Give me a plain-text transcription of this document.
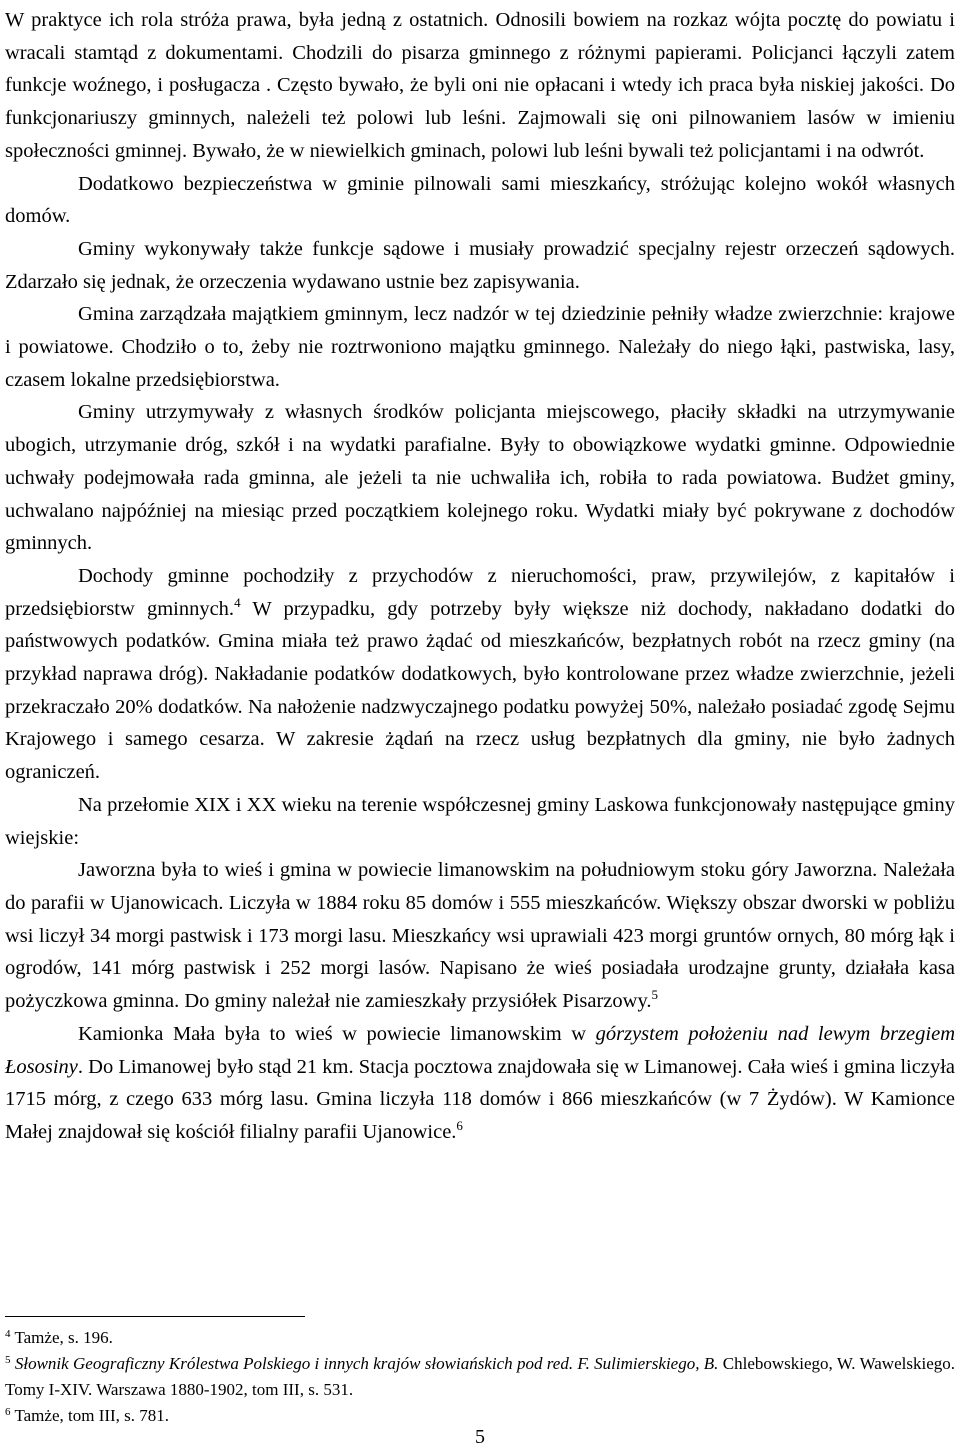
W praktyce ich rola stróża prawa, była jedną z ostatnich. Odnosili bowiem na rozkaz wójta pocztę do powiatu i wracali stamtąd z dokumentami. Chodzili do pisarza gminnego z różnymi papierami. Policjanci łączyli zatem funkcje woźnego, i posługacza . Często bywało, że byli oni nie opłacani i wtedy ich praca była niskiej jakości. Do funkcjonariuszy gminnych, należeli też polowi lub leśni. Zajmowali się oni pilnowaniem lasów w imieniu społeczności gminnej. Bywało, że w niewielkich gminach, polowi lub leśni bywali też policjantami i na odwrót.

Dodatkowo bezpieczeństwa w gminie pilnowali sami mieszkańcy, stróżując kolejno wokół własnych domów.

Gminy wykonywały także funkcje sądowe i musiały prowadzić specjalny rejestr orzeczeń sądowych. Zdarzało się jednak, że orzeczenia wydawano ustnie bez zapisywania.

Gmina zarządzała majątkiem gminnym, lecz nadzór w tej dziedzinie pełniły władze zwierzchnie: krajowe i powiatowe. Chodziło o to, żeby nie roztrwoniono majątku gminnego. Należały do niego łąki, pastwiska, lasy, czasem lokalne przedsiębiorstwa.

Gminy utrzymywały z własnych środków policjanta miejscowego, płaciły składki na utrzymywanie ubogich, utrzymanie dróg, szkół i na wydatki parafialne. Były to obowiązkowe wydatki gminne. Odpowiednie uchwały podejmowała rada gminna, ale jeżeli ta nie uchwaliła ich, robiła to rada powiatowa. Budżet gminy, uchwalano najpóźniej na miesiąc przed początkiem kolejnego roku. Wydatki miały być pokrywane z dochodów gminnych.

Dochody gminne pochodziły z przychodów z nieruchomości, praw, przywilejów, z kapitałów i przedsiębiorstw gminnych.$^4$ W przypadku, gdy potrzeby były większe niż dochody, nakładano dodatki do państwowych podatków. Gmina miała też prawo żądać od mieszkańców, bezpłatnych robót na rzecz gminy (na przykład naprawa dróg). Nakładanie podatków dodatkowych, było kontrolowane przez władze zwierzchnie, jeżeli przekraczało 20% dodatków. Na nałożenie nadzwyczajnego podatku powyżej 50%, należało posiadać zgodę Sejmu Krajowego i samego cesarza. W zakresie żądań na rzecz usług bezpłatnych dla gminy, nie było żadnych ograniczeń.

Na przełomie XIX i XX wieku na terenie współczesnej gminy Laskowa funkcjonowały następujące gminy wiejskie:

Jaworzna była to wieś i gmina w powiecie limanowskim na południowym stoku góry Jaworzna. Należała do parafii w Ujanowicach. Liczyła w 1884 roku 85 domów i 555 mieszkańców. Większy obszar dworski w pobliżu wsi liczył 34 morgi pastwisk i 173 morgi lasu. Mieszkańcy wsi uprawiali 423 morgi gruntów ornych, 80 mórg łąk i ogrodów, 141 mórg pastwisk i 252 morgi lasów. Napisano że wieś posiadała urodzajne grunty, działała kasa pożyczkowa gminna. Do gminy należał nie zamieszkały przysiółek Pisarzowy.$^5$

Kamionka Mała była to wieś w powiecie limanowskim w górzystem położeniu nad lewym brzegiem Łososiny. Do Limanowej było stąd 21 km. Stacja pocztowa znajdowała się w Limanowej. Cała wieś i gmina liczyła 1715 mórg, z czego 633 mórg lasu. Gmina liczyła 118 domów i 866 mieszkańców (w 7 Żydów). W Kamionce Małej znajdował się kościół filialny parafii Ujanowice.$^6$

$^4$ Tamże, s. 196.

$^5$ Słownik Geograficzny Królestwa Polskiego i innych krajów słowiańskich pod red. F. Sulimierskiego, B. Chlebowskiego, W. Wawelskiego. Tomy I-XIV. Warszawa 1880-1902, tom III, s. 531.

$^6$ Tamże, tom III, s. 781.

5
